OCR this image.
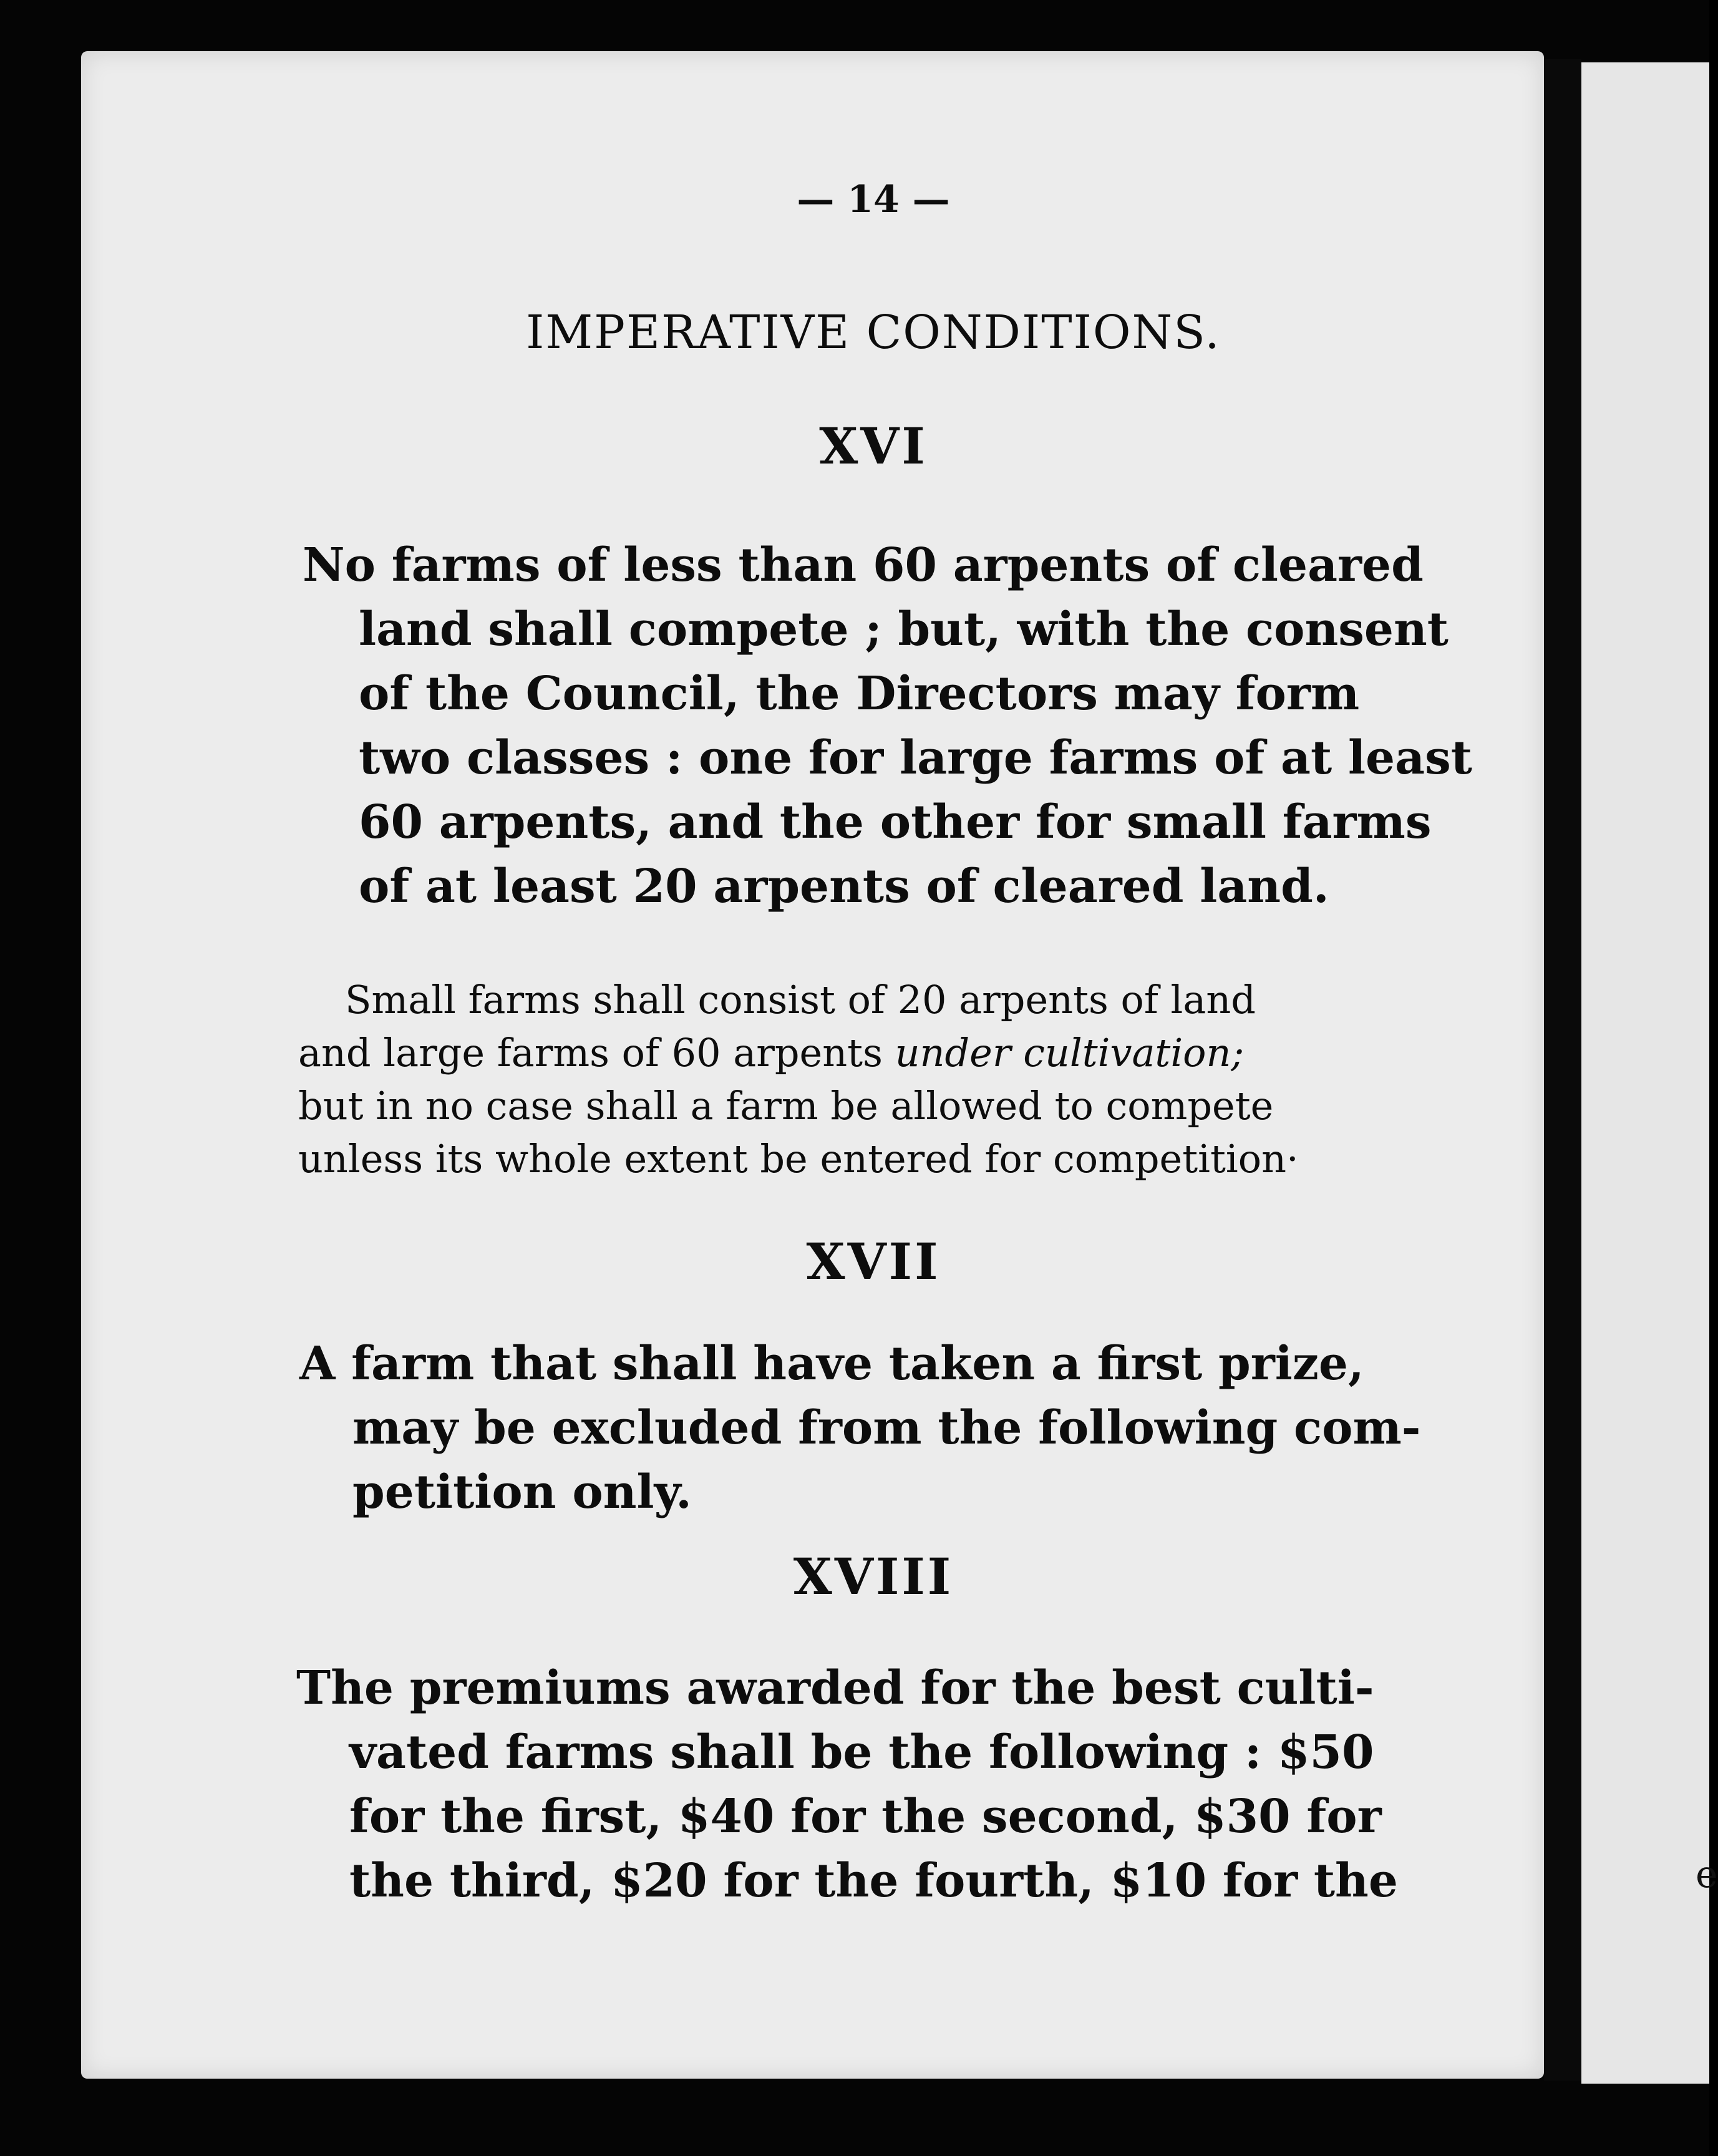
e
— 14 —
IMPERATIVE CONDITIONS.
XVI
No farms of less than 60 arpents of cleared
land shall compete ; but, with the consent
of the Council, the Directors may form
two classes : one for large farms of at least
60 arpents, and the other for small farms
of at least 20 arpents of cleared land.
Small farms shall consist of 20 arpents of land
and large farms of 60 arpents under cultivation;
but in no case shall a farm be allowed to compete
unless its whole extent be entered for competition·
XVII
A farm that shall have taken a first prize,
may be excluded from the following com-
petition only.
XVIII
The premiums awarded for the best culti-
vated farms shall be the following : $50
for the first, $40 for the second, $30 for
the third, $20 for the fourth, $10 for the
